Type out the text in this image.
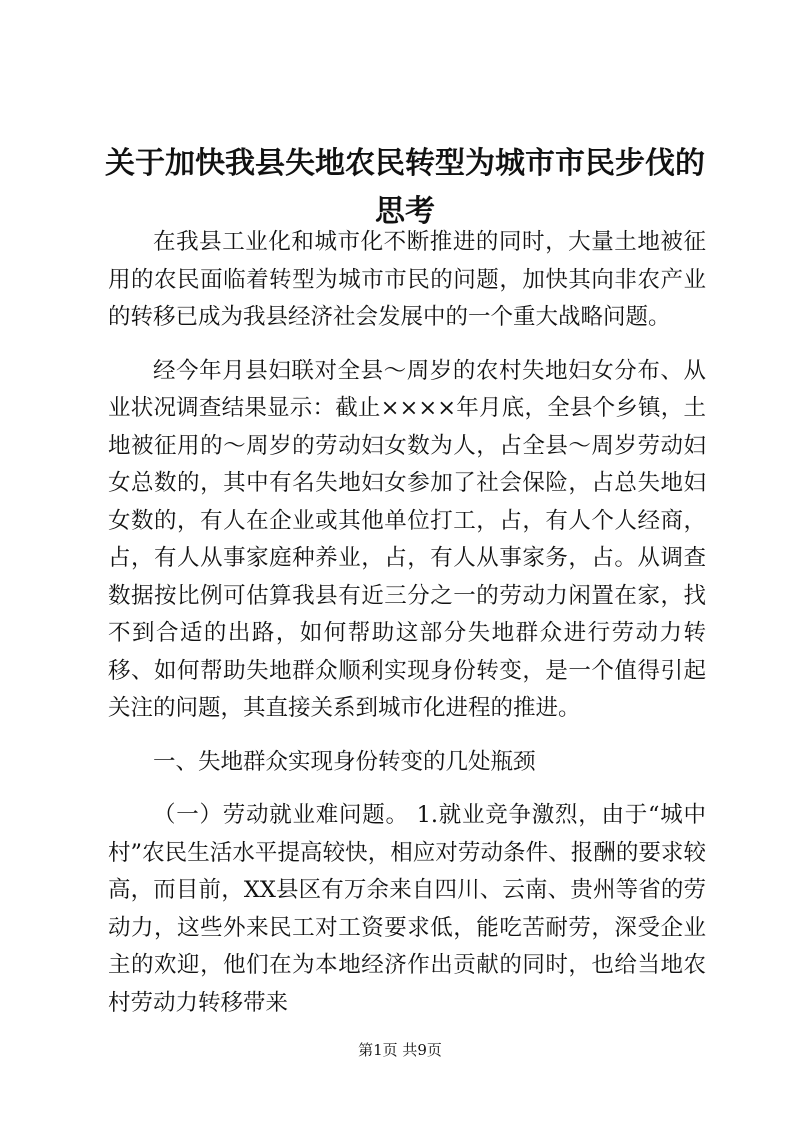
关于加快我县失地农民转型为城市市民步伐的思考

在我县工业化和城市化不断推进的同时，大量土地被征用的农民面临着转型为城市市民的问题，加快其向非农产业的转移已成为我县经济社会发展中的一个重大战略问题。

经今年月县妇联对全县～周岁的农村失地妇女分布、从业状况调查结果显示：截止××××年月底，全县个乡镇，土地被征用的～周岁的劳动妇女数为人，占全县～周岁劳动妇女总数的，其中有名失地妇女参加了社会保险，占总失地妇女数的，有人在企业或其他单位打工，占，有人个人经商，占，有人从事家庭种养业，占，有人从事家务，占。从调查数据按比例可估算我县有近三分之一的劳动力闲置在家，找不到合适的出路，如何帮助这部分失地群众进行劳动力转移、如何帮助失地群众顺利实现身份转变，是一个值得引起关注的问题，其直接关系到城市化进程的推进。

一、失地群众实现身份转变的几处瓶颈

（一）劳动就业难问题。 1.就业竞争激烈，由于“城中村”农民生活水平提高较快，相应对劳动条件、报酬的要求较高，而目前，XX县区有万余来自四川、云南、贵州等省的劳动力，这些外来民工对工资要求低，能吃苦耐劳，深受企业主的欢迎，他们在为本地经济作出贡献的同时，也给当地农村劳动力转移带来

第1页 共9页
